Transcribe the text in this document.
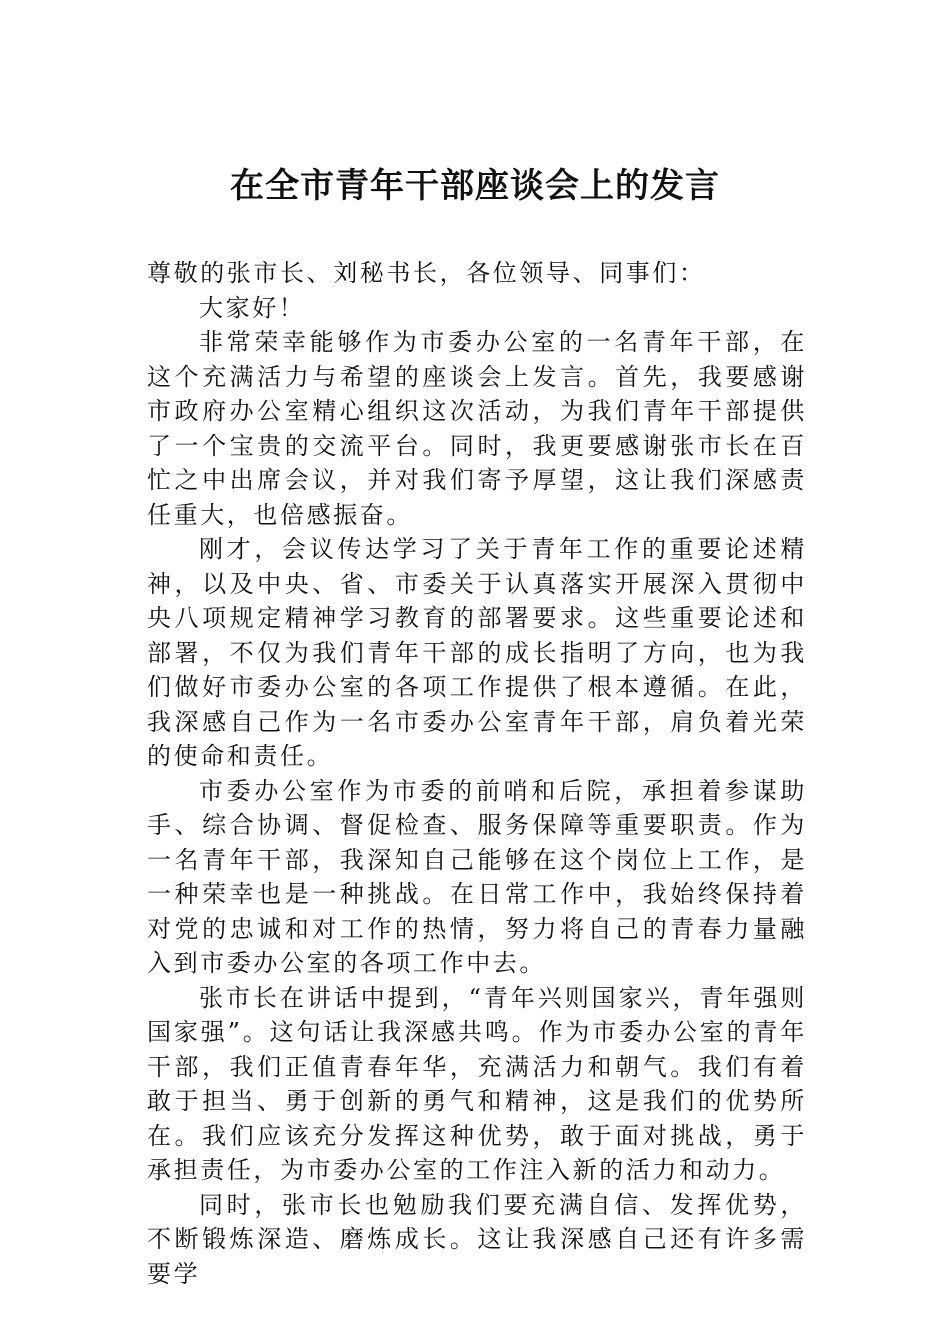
在全市青年干部座谈会上的发言

尊敬的张市长、刘秘书长，各位领导、同事们：

大家好！

非常荣幸能够作为市委办公室的一名青年干部，在这个充满活力与希望的座谈会上发言。首先，我要感谢市政府办公室精心组织这次活动，为我们青年干部提供了一个宝贵的交流平台。同时，我更要感谢张市长在百忙之中出席会议，并对我们寄予厚望，这让我们深感责任重大，也倍感振奋。

刚才，会议传达学习了关于青年工作的重要论述精神，以及中央、省、市委关于认真落实开展深入贯彻中央八项规定精神学习教育的部署要求。这些重要论述和部署，不仅为我们青年干部的成长指明了方向，也为我们做好市委办公室的各项工作提供了根本遵循。在此，我深感自己作为一名市委办公室青年干部，肩负着光荣的使命和责任。

市委办公室作为市委的前哨和后院，承担着参谋助手、综合协调、督促检查、服务保障等重要职责。作为一名青年干部，我深知自己能够在这个岗位上工作，是一种荣幸也是一种挑战。在日常工作中，我始终保持着对党的忠诚和对工作的热情，努力将自己的青春力量融入到市委办公室的各项工作中去。

张市长在讲话中提到，“青年兴则国家兴，青年强则国家强”。这句话让我深感共鸣。作为市委办公室的青年干部，我们正值青春年华，充满活力和朝气。我们有着敢于担当、勇于创新的勇气和精神，这是我们的优势所在。我们应该充分发挥这种优势，敢于面对挑战，勇于承担责任，为市委办公室的工作注入新的活力和动力。

同时，张市长也勉励我们要充满自信、发挥优势，不断锻炼深造、磨炼成长。这让我深感自己还有许多需要学
